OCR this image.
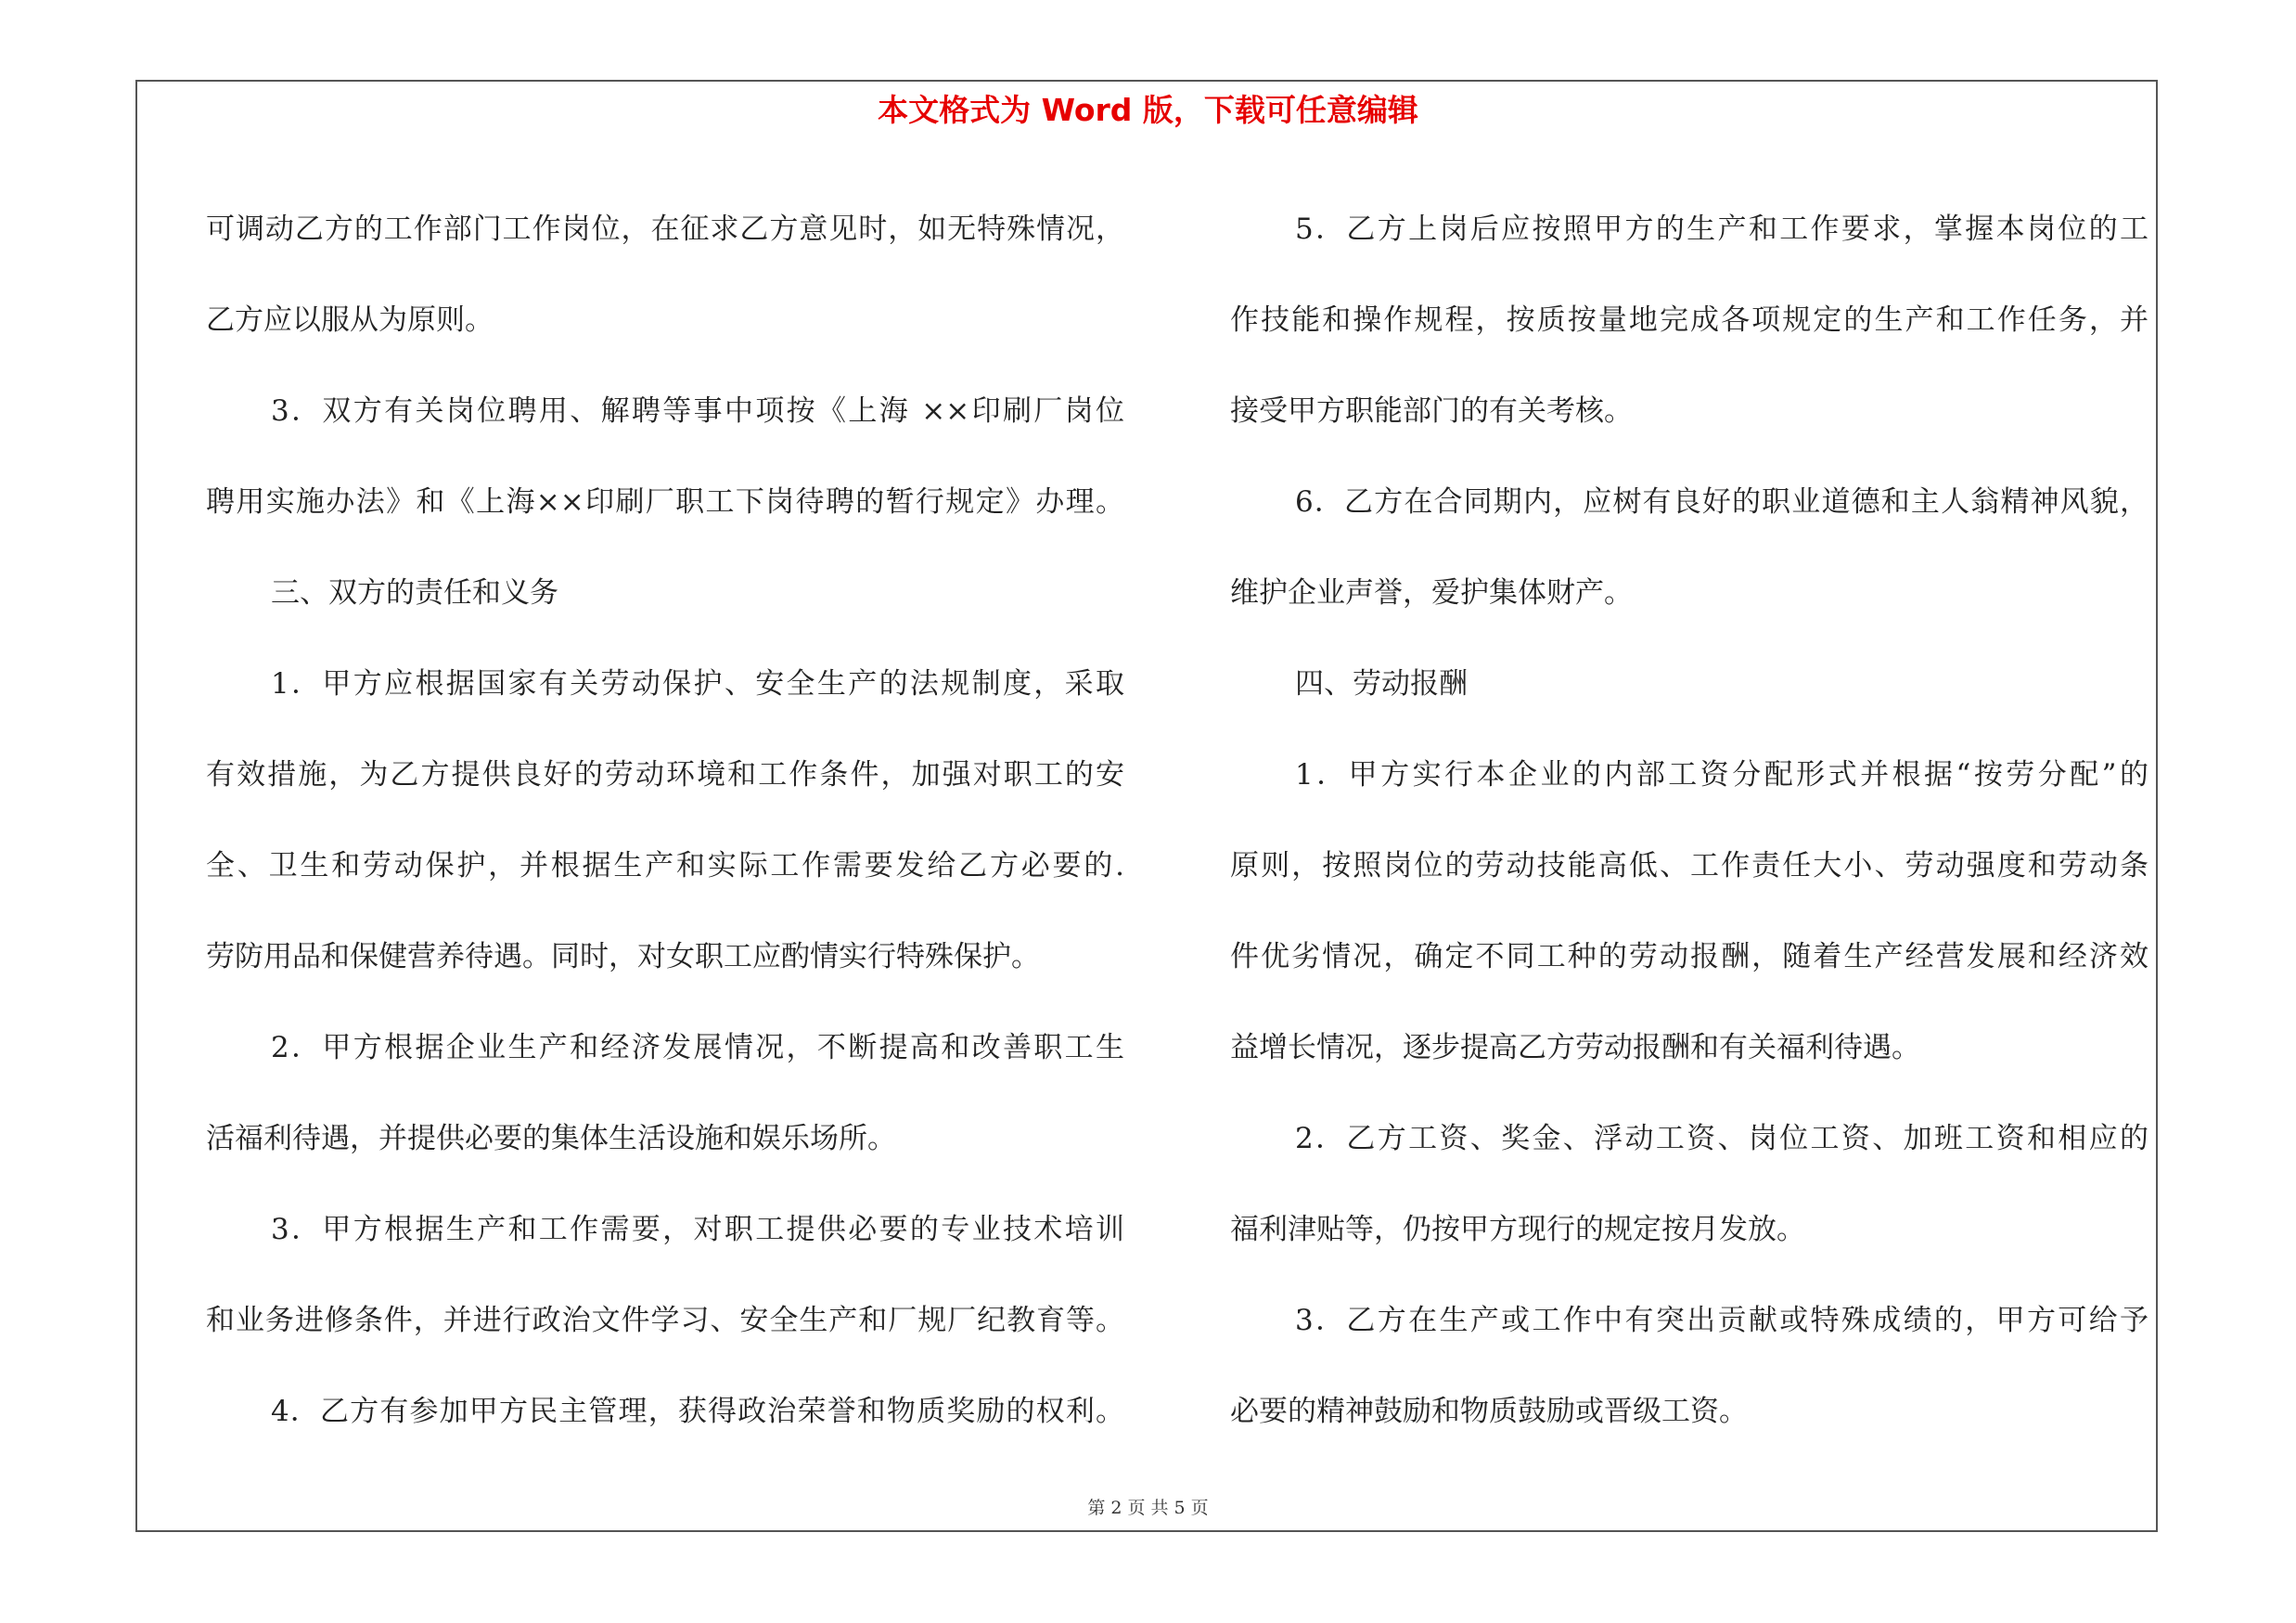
本文格式为 Word 版，下载可任意编辑
可调动乙方的工作部门工作岗位，在征求乙方意见时，如无特殊情况，
乙方应以服从为原则。
3．双方有关岗位聘用、解聘等事中项按《上海 ××印刷厂岗位
聘用实施办法》和《上海××印刷厂职工下岗待聘的暂行规定》办理。
三、双方的责任和义务
1．甲方应根据国家有关劳动保护、安全生产的法规制度，采取
有效措施，为乙方提供良好的劳动环境和工作条件，加强对职工的安
全、卫生和劳动保护，并根据生产和实际工作需要发给乙方必要的.
劳防用品和保健营养待遇。同时，对女职工应酌情实行特殊保护。
2．甲方根据企业生产和经济发展情况，不断提高和改善职工生
活福利待遇，并提供必要的集体生活设施和娱乐场所。
3．甲方根据生产和工作需要，对职工提供必要的专业技术培训
和业务进修条件，并进行政治文件学习、安全生产和厂规厂纪教育等。
4．乙方有参加甲方民主管理，获得政治荣誉和物质奖励的权利。
5．乙方上岗后应按照甲方的生产和工作要求，掌握本岗位的工
作技能和操作规程，按质按量地完成各项规定的生产和工作任务，并
接受甲方职能部门的有关考核。
6．乙方在合同期内，应树有良好的职业道德和主人翁精神风貌，
维护企业声誉，爱护集体财产。
四、劳动报酬
1．甲方实行本企业的内部工资分配形式并根据“按劳分配”的
原则，按照岗位的劳动技能高低、工作责任大小、劳动强度和劳动条
件优劣情况，确定不同工种的劳动报酬，随着生产经营发展和经济效
益增长情况，逐步提高乙方劳动报酬和有关福利待遇。
2．乙方工资、奖金、浮动工资、岗位工资、加班工资和相应的
福利津贴等，仍按甲方现行的规定按月发放。
3．乙方在生产或工作中有突出贡献或特殊成绩的，甲方可给予
必要的精神鼓励和物质鼓励或晋级工资。
第 2 页 共 5 页
